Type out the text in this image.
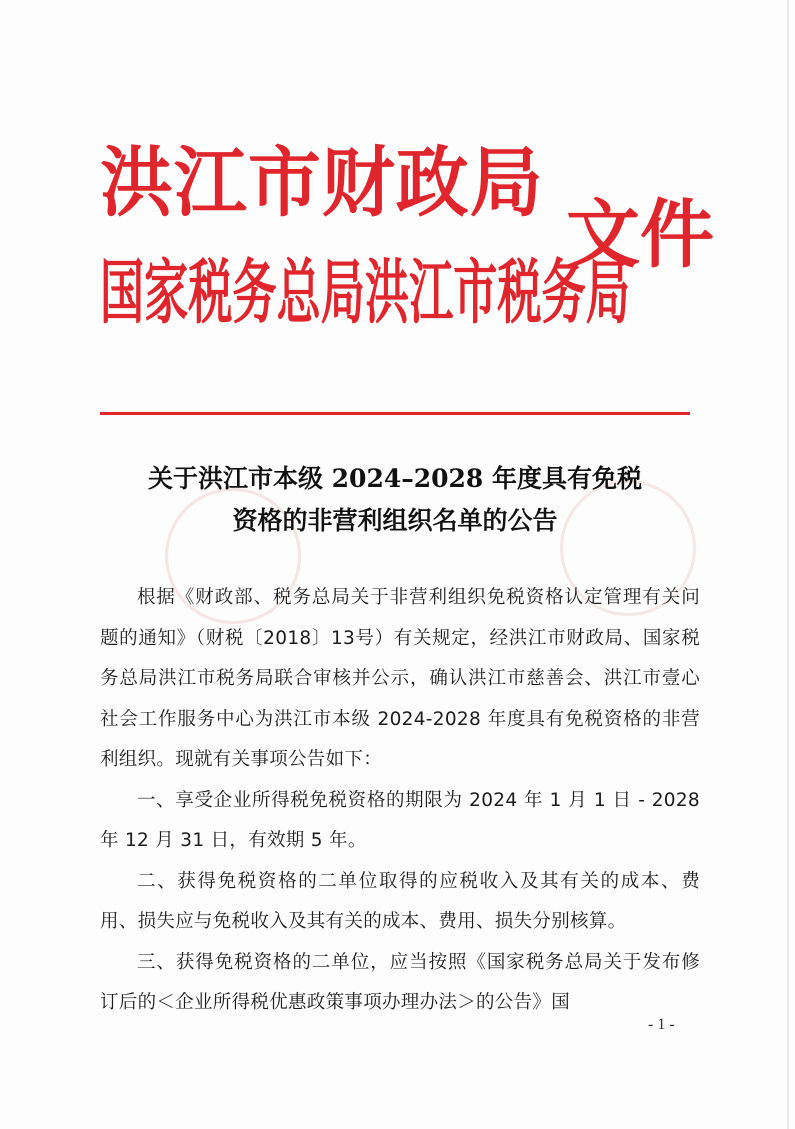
洪江市财政局
国家税务总局洪江市税务局
文件
关于洪江市本级 2024–2028 年度具有免税
资格的非营利组织名单的公告

根据《财政部、税务总局关于非营利组织免税资格认定管理有关问题的通知》（财税〔2018〕13号）有关规定，经洪江市财政局、国家税务总局洪江市税务局联合审核并公示，确认洪江市慈善会、洪江市壹心社会工作服务中心为洪江市本级 2024-2028 年度具有免税资格的非营利组织。现就有关事项公告如下：

一、享受企业所得税免税资格的期限为 2024 年 1 月 1 日 - 2028 年 12 月 31 日，有效期 5 年。

二、获得免税资格的二单位取得的应税收入及其有关的成本、费用、损失应与免税收入及其有关的成本、费用、损失分别核算。

三、获得免税资格的二单位，应当按照《国家税务总局关于发布修订后的＜企业所得税优惠政策事项办理办法＞的公告》国

- 1 -
